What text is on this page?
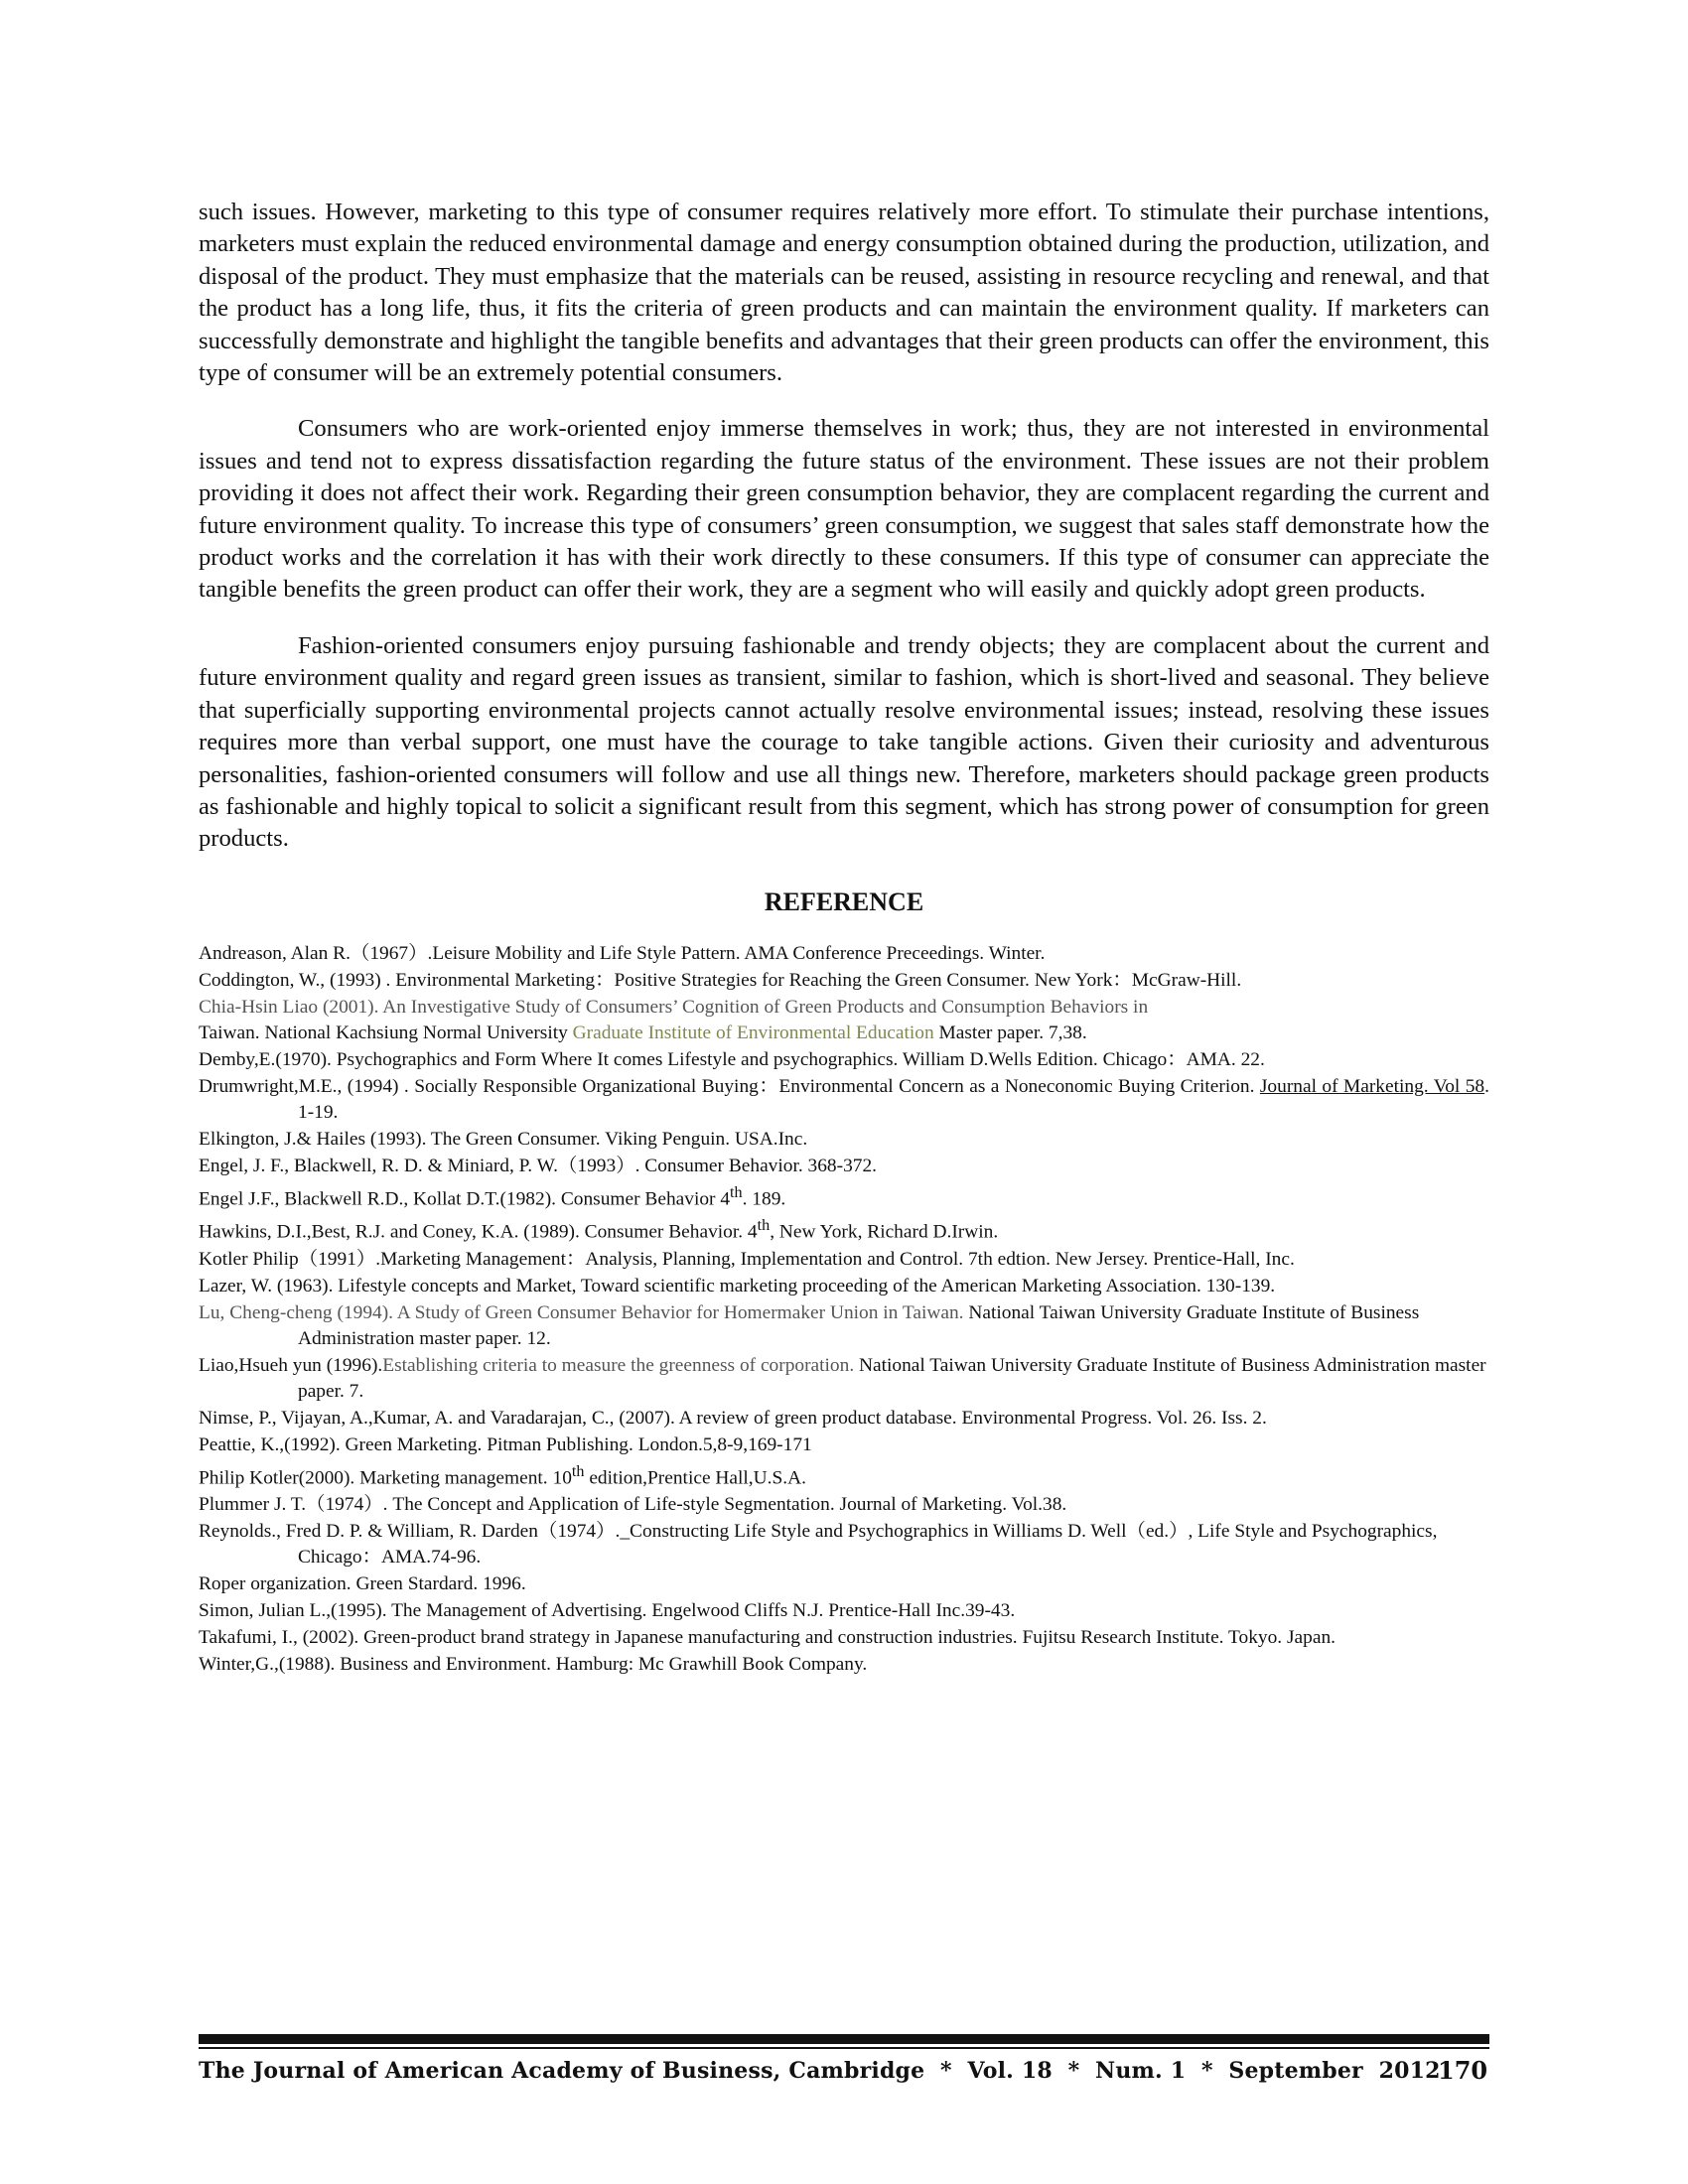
such issues. However, marketing to this type of consumer requires relatively more effort. To stimulate their purchase intentions, marketers must explain the reduced environmental damage and energy consumption obtained during the production, utilization, and disposal of the product. They must emphasize that the materials can be reused, assisting in resource recycling and renewal, and that the product has a long life, thus, it fits the criteria of green products and can maintain the environment quality. If marketers can successfully demonstrate and highlight the tangible benefits and advantages that their green products can offer the environment, this type of consumer will be an extremely potential consumers.

Consumers who are work-oriented enjoy immerse themselves in work; thus, they are not interested in environmental issues and tend not to express dissatisfaction regarding the future status of the environment. These issues are not their problem providing it does not affect their work. Regarding their green consumption behavior, they are complacent regarding the current and future environment quality. To increase this type of consumers’ green consumption, we suggest that sales staff demonstrate how the product works and the correlation it has with their work directly to these consumers. If this type of consumer can appreciate the tangible benefits the green product can offer their work, they are a segment who will easily and quickly adopt green products.

Fashion-oriented consumers enjoy pursuing fashionable and trendy objects; they are complacent about the current and future environment quality and regard green issues as transient, similar to fashion, which is short-lived and seasonal. They believe that superficially supporting environmental projects cannot actually resolve environmental issues; instead, resolving these issues requires more than verbal support, one must have the courage to take tangible actions. Given their curiosity and adventurous personalities, fashion-oriented consumers will follow and use all things new. Therefore, marketers should package green products as fashionable and highly topical to solicit a significant result from this segment, which has strong power of consumption for green products.

REFERENCE
Andreason, Alan R.（1967）.Leisure Mobility and Life Style Pattern. AMA Conference Preceedings. Winter.
Coddington, W., (1993) . Environmental Marketing：Positive Strategies for Reaching the Green Consumer. New York：McGraw-Hill.
Chia-Hsin Liao (2001). An Investigative Study of Consumers’ Cognition of Green Products and Consumption Behaviors in
Taiwan. National Kachsiung Normal University Graduate Institute of Environmental Education Master paper. 7,38.
Demby,E.(1970). Psychographics and Form Where It comes Lifestyle and psychographics. William D.Wells Edition. Chicago：AMA. 22.
Drumwright,M.E., (1994) . Socially Responsible Organizational Buying：Environmental Concern as a Noneconomic Buying Criterion. Journal of Marketing. Vol 58. 1-19.
Elkington, J.& Hailes (1993). The Green Consumer. Viking Penguin. USA.Inc.
Engel, J. F., Blackwell, R. D. & Miniard, P. W.（1993）. Consumer Behavior. 368-372.
Engel J.F., Blackwell R.D., Kollat D.T.(1982). Consumer Behavior 4th. 189.
Hawkins, D.I.,Best, R.J. and Coney, K.A. (1989). Consumer Behavior. 4th, New York, Richard D.Irwin.
Kotler Philip（1991）.Marketing Management：Analysis, Planning, Implementation and Control. 7th edtion. New Jersey. Prentice-Hall, Inc.
Lazer, W. (1963). Lifestyle concepts and Market, Toward scientific marketing proceeding of the American Marketing Association. 130-139.
Lu, Cheng-cheng (1994). A Study of Green Consumer Behavior for Homermaker Union in Taiwan. National Taiwan University Graduate Institute of Business Administration master paper. 12.
Liao,Hsueh yun (1996).Establishing criteria to measure the greenness of corporation. National Taiwan University Graduate Institute of Business Administration master paper. 7.
Nimse, P., Vijayan, A.,Kumar, A. and Varadarajan, C., (2007). A review of green product database. Environmental Progress. Vol. 26. Iss. 2.
Peattie, K.,(1992). Green Marketing. Pitman Publishing. London.5,8-9,169-171
Philip Kotler(2000). Marketing management. 10th edition,Prentice Hall,U.S.A.
Plummer J. T.（1974）. The Concept and Application of Life-style Segmentation. Journal of Marketing. Vol.38.
Reynolds., Fred D. P. & William, R. Darden（1974）._Constructing Life Style and Psychographics in Williams D. Well（ed.）, Life Style and Psychographics, Chicago：AMA.74-96.
Roper organization. Green Stardard. 1996.
Simon, Julian L.,(1995). The Management of Advertising. Engelwood Cliffs N.J. Prentice-Hall Inc.39-43.
Takafumi, I., (2002). Green-product brand strategy in Japanese manufacturing and construction industries. Fujitsu Research Institute. Tokyo. Japan.
Winter,G.,(1988). Business and Environment. Hamburg: Mc Grawhill Book Company.
The Journal of American Academy of Business, Cambridge  *  Vol. 18  *  Num. 1  *  September  2012
170
